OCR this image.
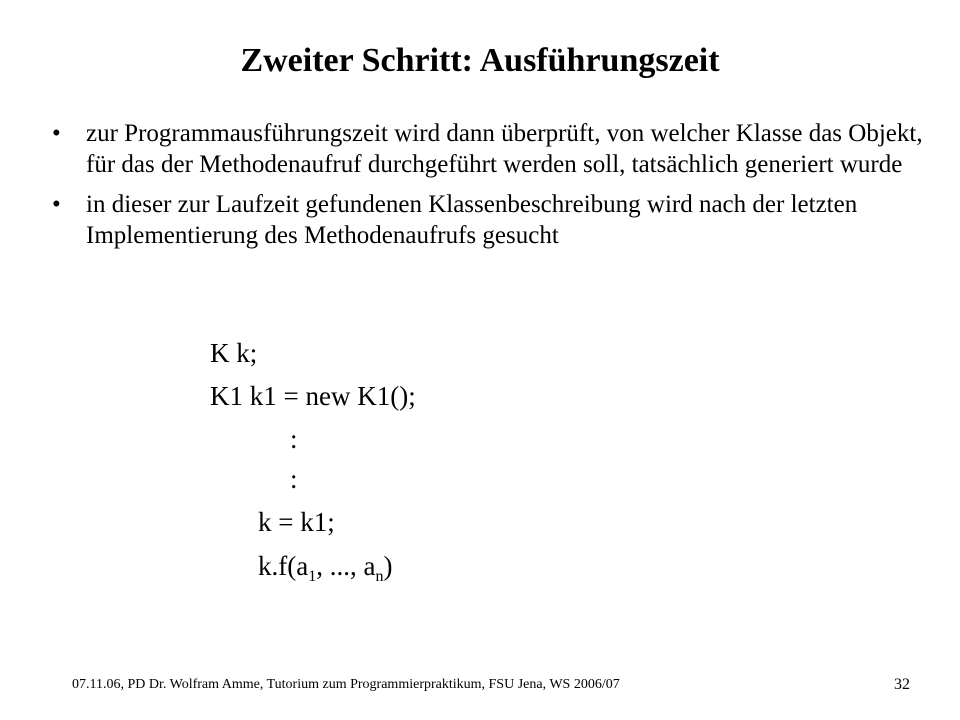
Zweiter Schritt: Ausführungszeit
• zur Programmausführungszeit wird dann überprüft, von welcher Klasse das Objekt, für das der Methodenaufruf durchgeführt werden soll, tatsächlich generiert wurde
• in dieser zur Laufzeit gefundenen Klassenbeschreibung wird nach der letzten Implementierung des Methodenaufrufs gesucht
K k;
K1 k1 = new K1();
:
:
k = k1;
$k.f(a_1$, ..., $a_n$)
07.11.06, PD Dr. Wolfram Amme, Tutorium zum Programmierpraktikum, FSU Jena, WS 2006/07	32
